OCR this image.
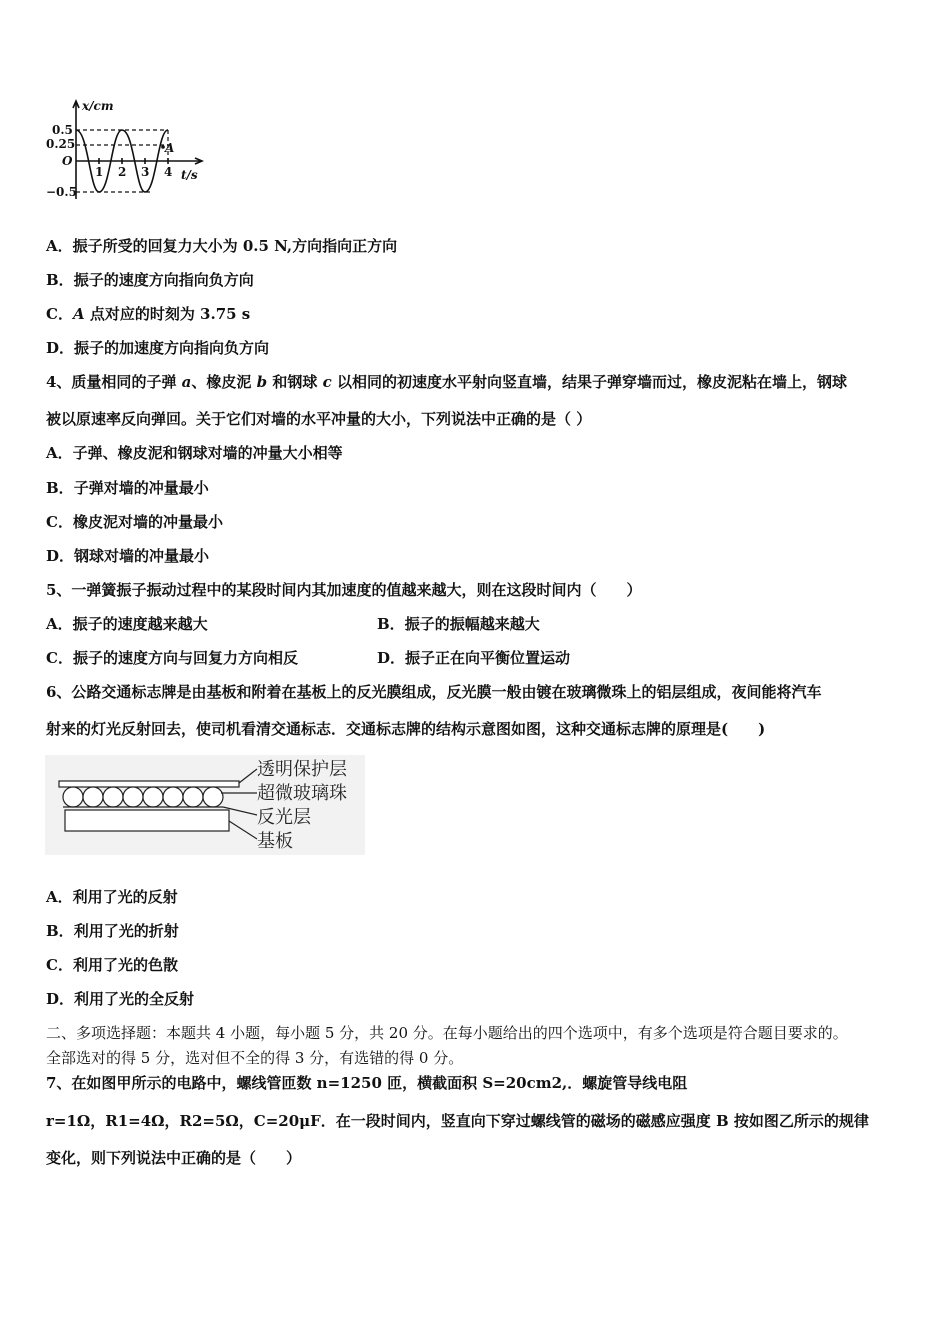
x/cm
0.5
0.25
O
−0.5
1 2 3 4 t/s
A
A．振子所受的回复力大小为 0.5 N,方向指向正方向
B．振子的速度方向指向负方向
C．A 点对应的时刻为 3.75 s
D．振子的加速度方向指向负方向
4、质量相同的子弹 a、橡皮泥 b 和钢球 c 以相同的初速度水平射向竖直墙，结果子弹穿墙而过，橡皮泥粘在墙上，钢球
被以原速率反向弹回。关于它们对墙的水平冲量的大小，下列说法中正确的是（ ）
A．子弹、橡皮泥和钢球对墙的冲量大小相等
B．子弹对墙的冲量最小
C．橡皮泥对墙的冲量最小
D．钢球对墙的冲量最小
5、一弹簧振子振动过程中的某段时间内其加速度的值越来越大，则在这段时间内（　　）
A．振子的速度越来越大	B．振子的振幅越来越大
C．振子的速度方向与回复力方向相反	D．振子正在向平衡位置运动
6、公路交通标志牌是由基板和附着在基板上的反光膜组成，反光膜一般由镀在玻璃微珠上的铝层组成，夜间能将汽车
射来的灯光反射回去，使司机看清交通标志．交通标志牌的结构示意图如图，这种交通标志牌的原理是(　　)
透明保护层
超微玻璃珠
反光层
基板
A．利用了光的反射
B．利用了光的折射
C．利用了光的色散
D．利用了光的全反射
二、多项选择题：本题共 4 小题，每小题 5 分，共 20 分。在每小题给出的四个选项中，有多个选项是符合题目要求的。
全部选对的得 5 分，选对但不全的得 3 分，有选错的得 0 分。
7、在如图甲所示的电路中，螺线管匝数 n=1250 匝，横截面积 S=20cm2,．螺旋管导线电阻
r=1Ω，R1=4Ω，R2=5Ω，C=20μF．在一段时间内，竖直向下穿过螺线管的磁场的磁感应强度 B 按如图乙所示的规律
变化，则下列说法中正确的是（　　）
